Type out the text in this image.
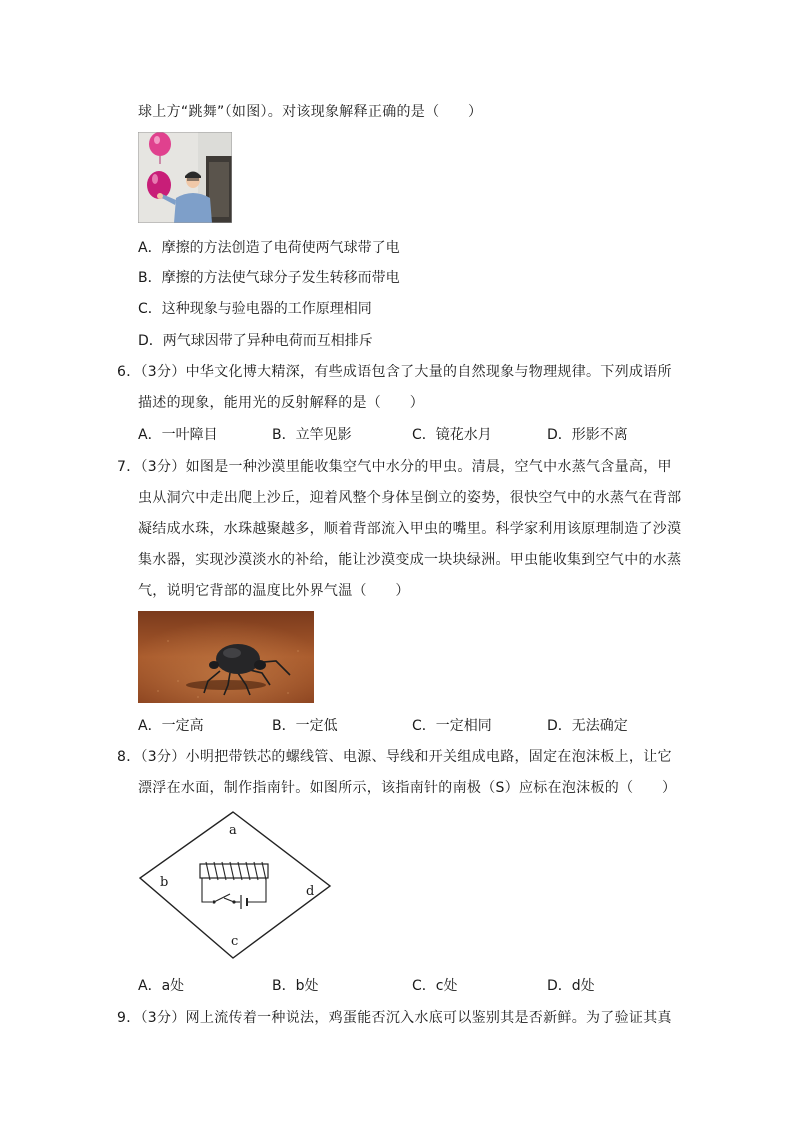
球上方“跳舞”（如图）。对该现象解释正确的是（　　）
A．摩擦的方法创造了电荷使两气球带了电
B．摩擦的方法使气球分子发生转移而带电
C．这种现象与验电器的工作原理相同
D．两气球因带了异种电荷而互相排斥
6．（3分）中华文化博大精深，有些成语包含了大量的自然现象与物理规律。下列成语所
描述的现象，能用光的反射解释的是（　　）
A．一叶障目	B．立竿见影	C．镜花水月	D．形影不离
7．（3分）如图是一种沙漠里能收集空气中水分的甲虫。清晨，空气中水蒸气含量高，甲
虫从洞穴中走出爬上沙丘，迎着风整个身体呈倒立的姿势，很快空气中的水蒸气在背部
凝结成水珠，水珠越聚越多，顺着背部流入甲虫的嘴里。科学家利用该原理制造了沙漠
集水器，实现沙漠淡水的补给，能让沙漠变成一块块绿洲。甲虫能收集到空气中的水蒸
气，说明它背部的温度比外界气温（　　）
A．一定高	B．一定低	C．一定相同	D．无法确定
8．（3分）小明把带铁芯的螺线管、电源、导线和开关组成电路，固定在泡沫板上，让它
漂浮在水面，制作指南针。如图所示，该指南针的南极（S）应标在泡沫板的（　　）
a
b
d
c
A．a处	B．b处	C．c处	D．d处
9．（3分）网上流传着一种说法，鸡蛋能否沉入水底可以鉴别其是否新鲜。为了验证其真
